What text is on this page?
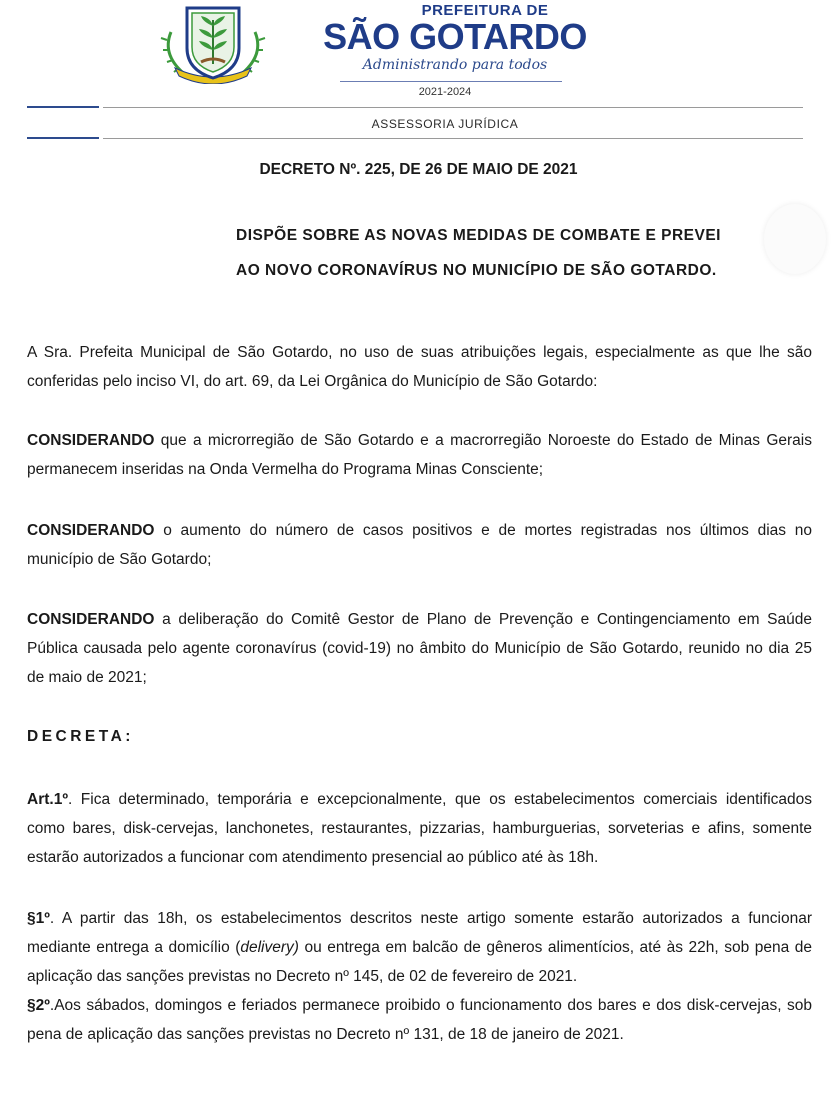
PREFEITURA DE
SÃO GOTARDO
Administrando para todos
2021-2024
ASSESSORIA JURÍDICA
DECRETO Nº. 225, DE 26 DE MAIO DE 2021
DISPÕE SOBRE AS NOVAS MEDIDAS DE COMBATE E PREVEI
AO NOVO CORONAVÍRUS NO MUNICÍPIO DE SÃO GOTARDO.
A Sra. Prefeita Municipal de São Gotardo, no uso de suas atribuições legais, especialmente as que lhe são conferidas pelo inciso VI, do art. 69, da Lei Orgânica do Município de São Gotardo:
CONSIDERANDO que a microrregião de São Gotardo e a macrorregião Noroeste do Estado de Minas Gerais permanecem inseridas na Onda Vermelha do Programa Minas Consciente;
CONSIDERANDO o aumento do número de casos positivos e de mortes registradas nos últimos dias no município de São Gotardo;
CONSIDERANDO a deliberação do Comitê Gestor de Plano de Prevenção e Contingenciamento em Saúde Pública causada pelo agente coronavírus (covid-19) no âmbito do Município de São Gotardo, reunido no dia 25 de maio de 2021;
DECRETA:
Art.1º. Fica determinado, temporária e excepcionalmente, que os estabelecimentos comerciais identificados como bares, disk-cervejas, lanchonetes, restaurantes, pizzarias, hamburguerias, sorveterias e afins, somente estarão autorizados a funcionar com atendimento presencial ao público até às 18h.
§1º. A partir das 18h, os estabelecimentos descritos neste artigo somente estarão autorizados a funcionar mediante entrega a domicílio (delivery) ou entrega em balcão de gêneros alimentícios, até às 22h, sob pena de aplicação das sanções previstas no Decreto nº 145, de 02 de fevereiro de 2021.
§2º.Aos sábados, domingos e feriados permanece proibido o funcionamento dos bares e dos disk-cervejas, sob pena de aplicação das sanções previstas no Decreto nº 131, de 18 de janeiro de 2021.
